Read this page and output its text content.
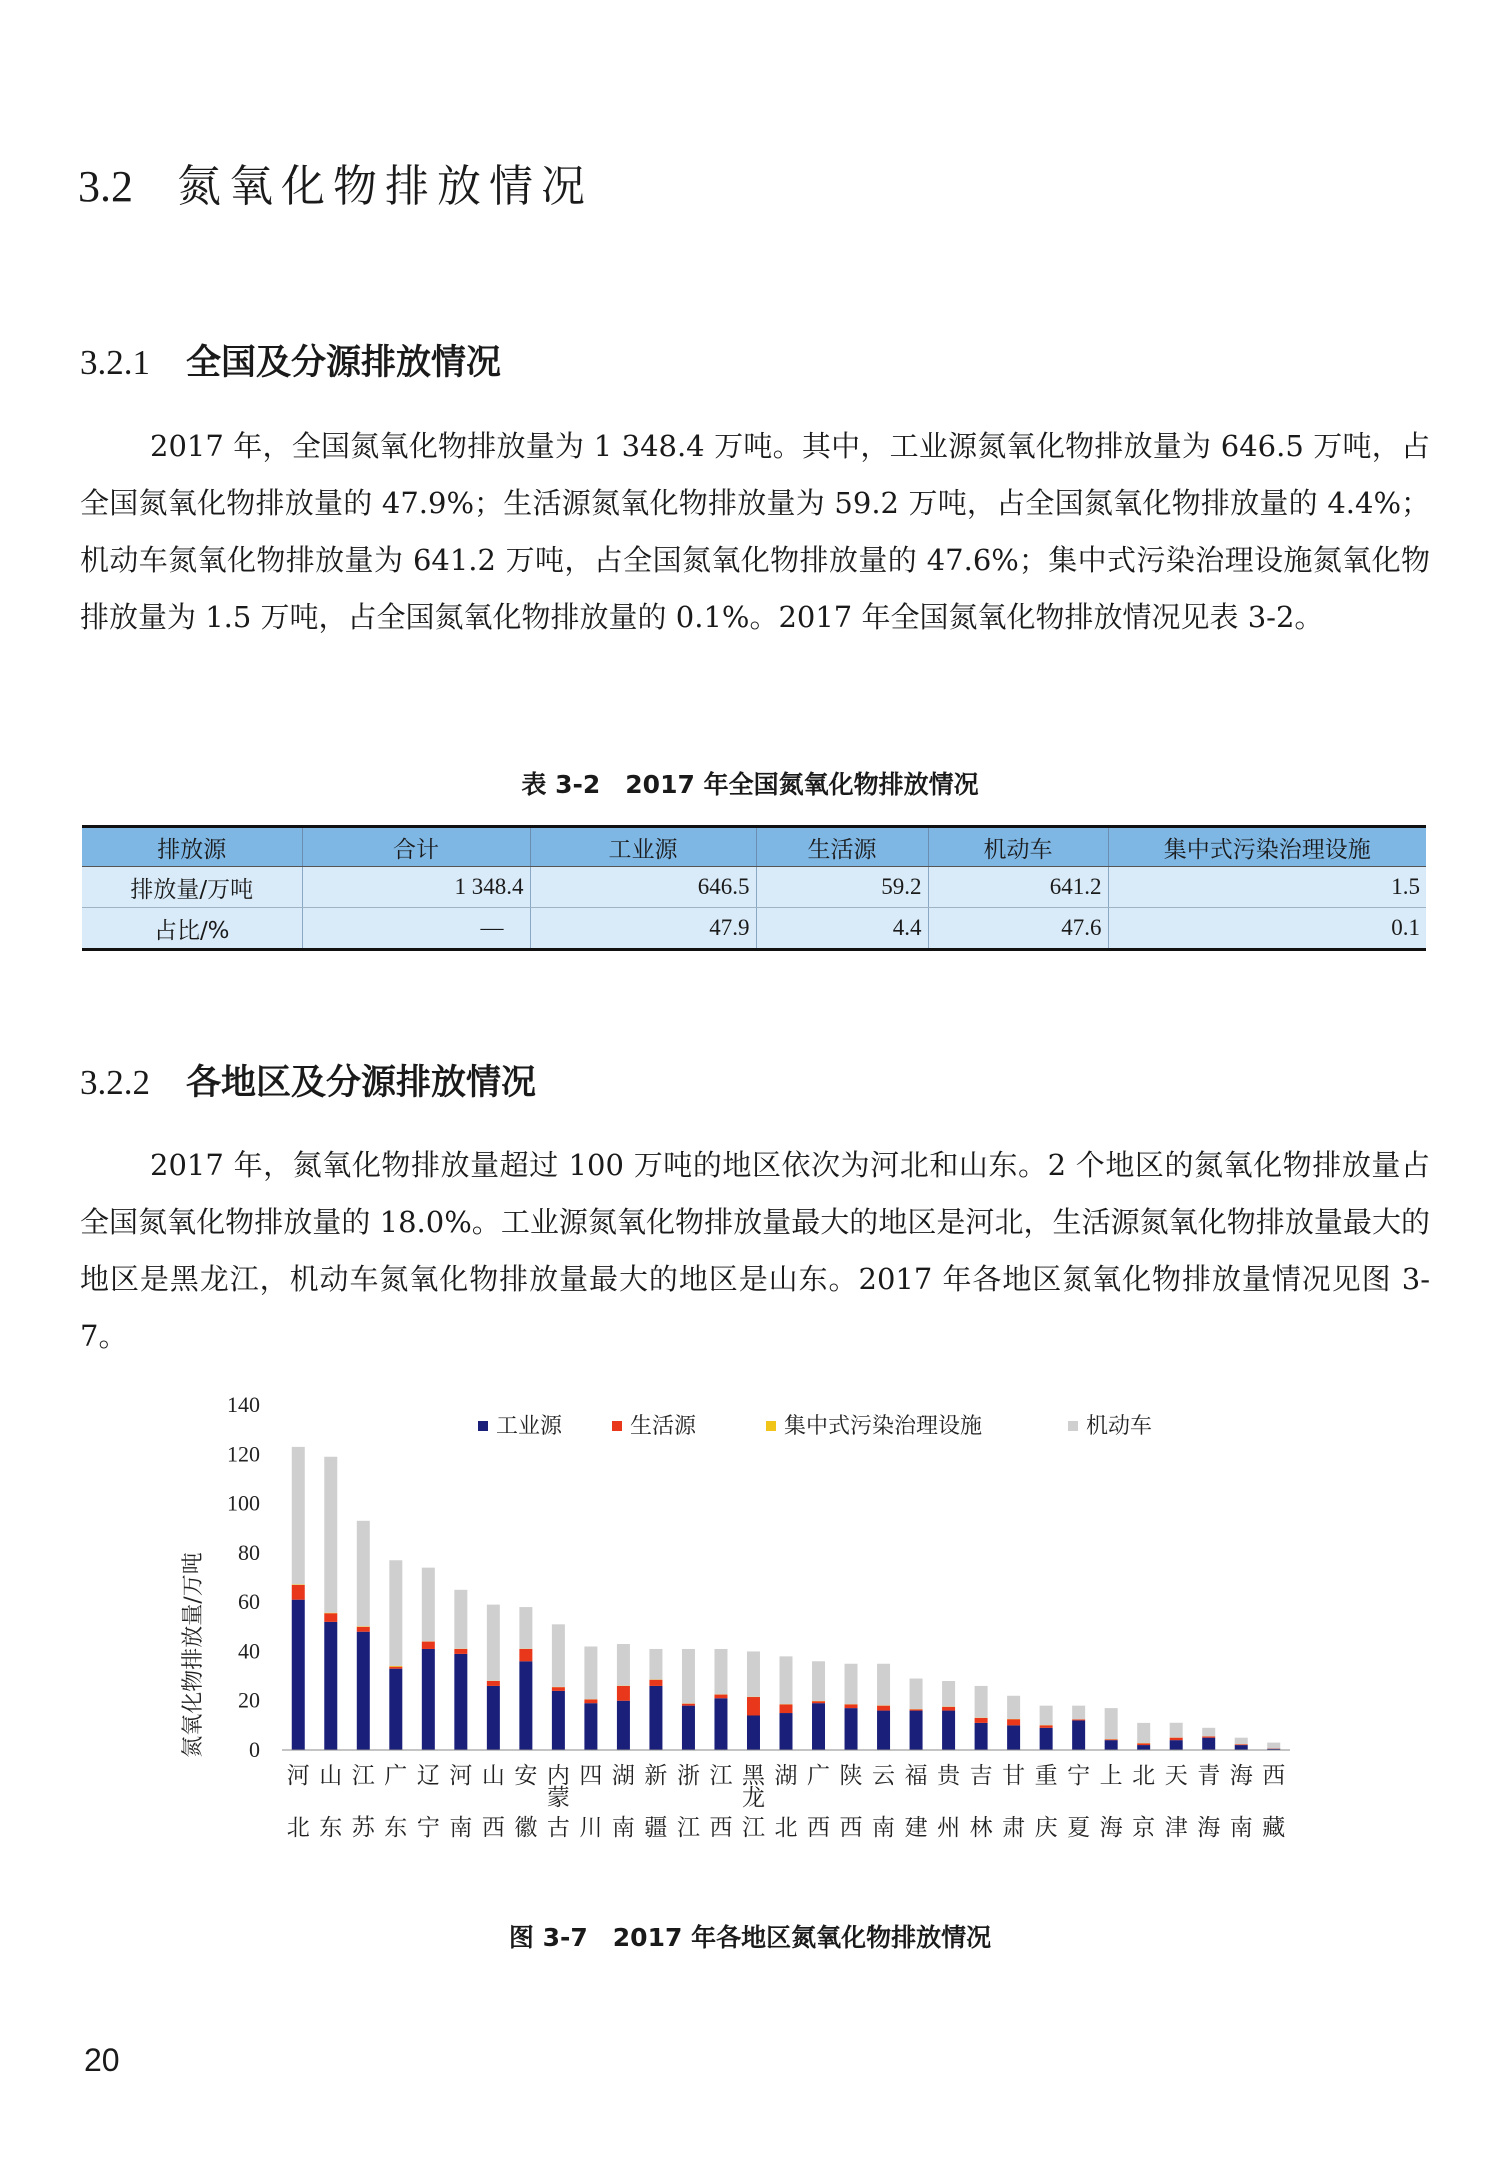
3.2 氮氧化物排放情况
3.2.1 全国及分源排放情况

2017 年，全国氮氧化物排放量为 1 348.4 万吨。其中，工业源氮氧化物排放量为 646.5 万吨，占全国氮氧化物排放量的 47.9%；生活源氮氧化物排放量为 59.2 万吨，占全国氮氧化物排放量的 4.4%；机动车氮氧化物排放量为 641.2 万吨，占全国氮氧化物排放量的 47.6%；集中式污染治理设施氮氧化物排放量为 1.5 万吨，占全国氮氧化物排放量的 0.1%。2017 年全国氮氧化物排放情况见表 3-2。

表 3-2　2017 年全国氮氧化物排放情况
排放源	合计	工业源	生活源	机动车	集中式污染治理设施
排放量/万吨	1 348.4	646.5	59.2	641.2	1.5
占比/%	—	47.9	4.4	47.6	0.1
3.2.2 各地区及分源排放情况

2017 年，氮氧化物排放量超过 100 万吨的地区依次为河北和山东。2 个地区的氮氧化物排放量占全国氮氧化物排放量的 18.0%。工业源氮氧化物排放量最大的地区是河北，生活源氮氧化物排放量最大的地区是黑龙江，机动车氮氧化物排放量最大的地区是山东。2017 年各地区氮氧化物排放量情况见图 3-7。

氮氧化物排放量/万吨 0
20
40
60
80
100
120
140
河
北
山
东
江
苏
广
东
辽
宁
河
南
山
西
安
徽
内
蒙
古
四
川
湖
南
新
疆
浙
江
江
西
黑
龙
江
湖
北
广
西
陕
西
云
南
福
建
贵
州
吉
林
甘
肃
重
庆
宁
夏
上
海
北
京
天
津
青
海
海
南
西
藏
工业源	生活源	集中式污染治理设施	机动车
图 3-7　2017 年各地区氮氧化物排放情况
20
